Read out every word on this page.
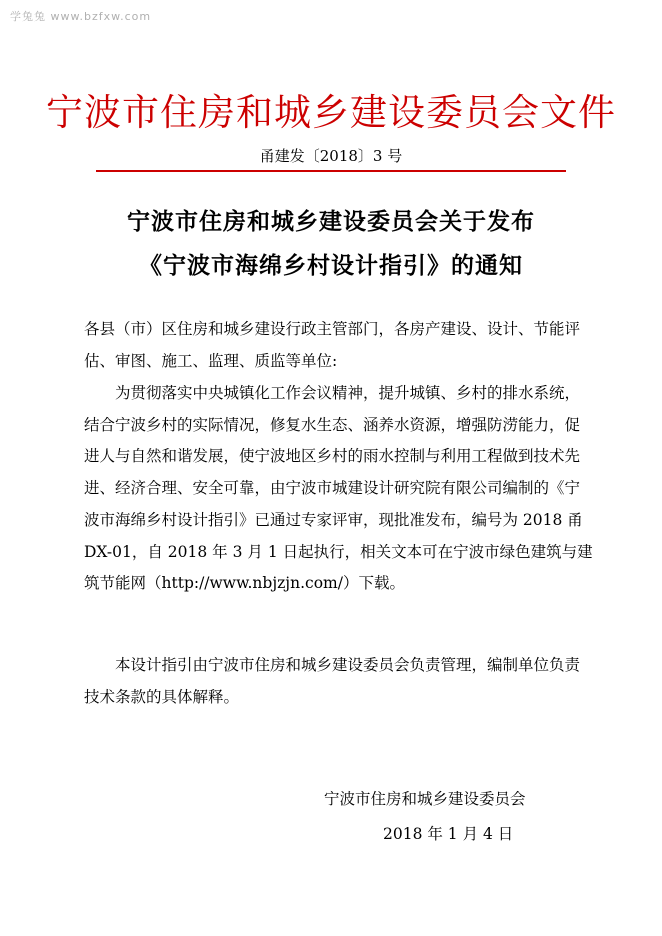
学兔兔 www.bzfxw.com
宁波市住房和城乡建设委员会文件
甬建发〔2018〕3 号
宁波市住房和城乡建设委员会关于发布
《宁波市海绵乡村设计指引》的通知
各县（市）区住房和城乡建设行政主管部门，各房产建设、设计、节能评估、审图、施工、监理、质监等单位:
为贯彻落实中央城镇化工作会议精神，提升城镇、乡村的排水系统，结合宁波乡村的实际情况，修复水生态、涵养水资源，增强防涝能力，促进人与自然和谐发展，使宁波地区乡村的雨水控制与利用工程做到技术先进、经济合理、安全可靠，由宁波市城建设计研究院有限公司编制的《宁波市海绵乡村设计指引》已通过专家评审，现批准发布，编号为 2018 甬 DX-01，自 2018 年 3 月 1 日起执行，相关文本可在宁波市绿色建筑与建筑节能网（http://www.nbjzjn.com/）下载。
本设计指引由宁波市住房和城乡建设委员会负责管理，编制单位负责技术条款的具体解释。
宁波市住房和城乡建设委员会
2018 年 1 月 4 日
